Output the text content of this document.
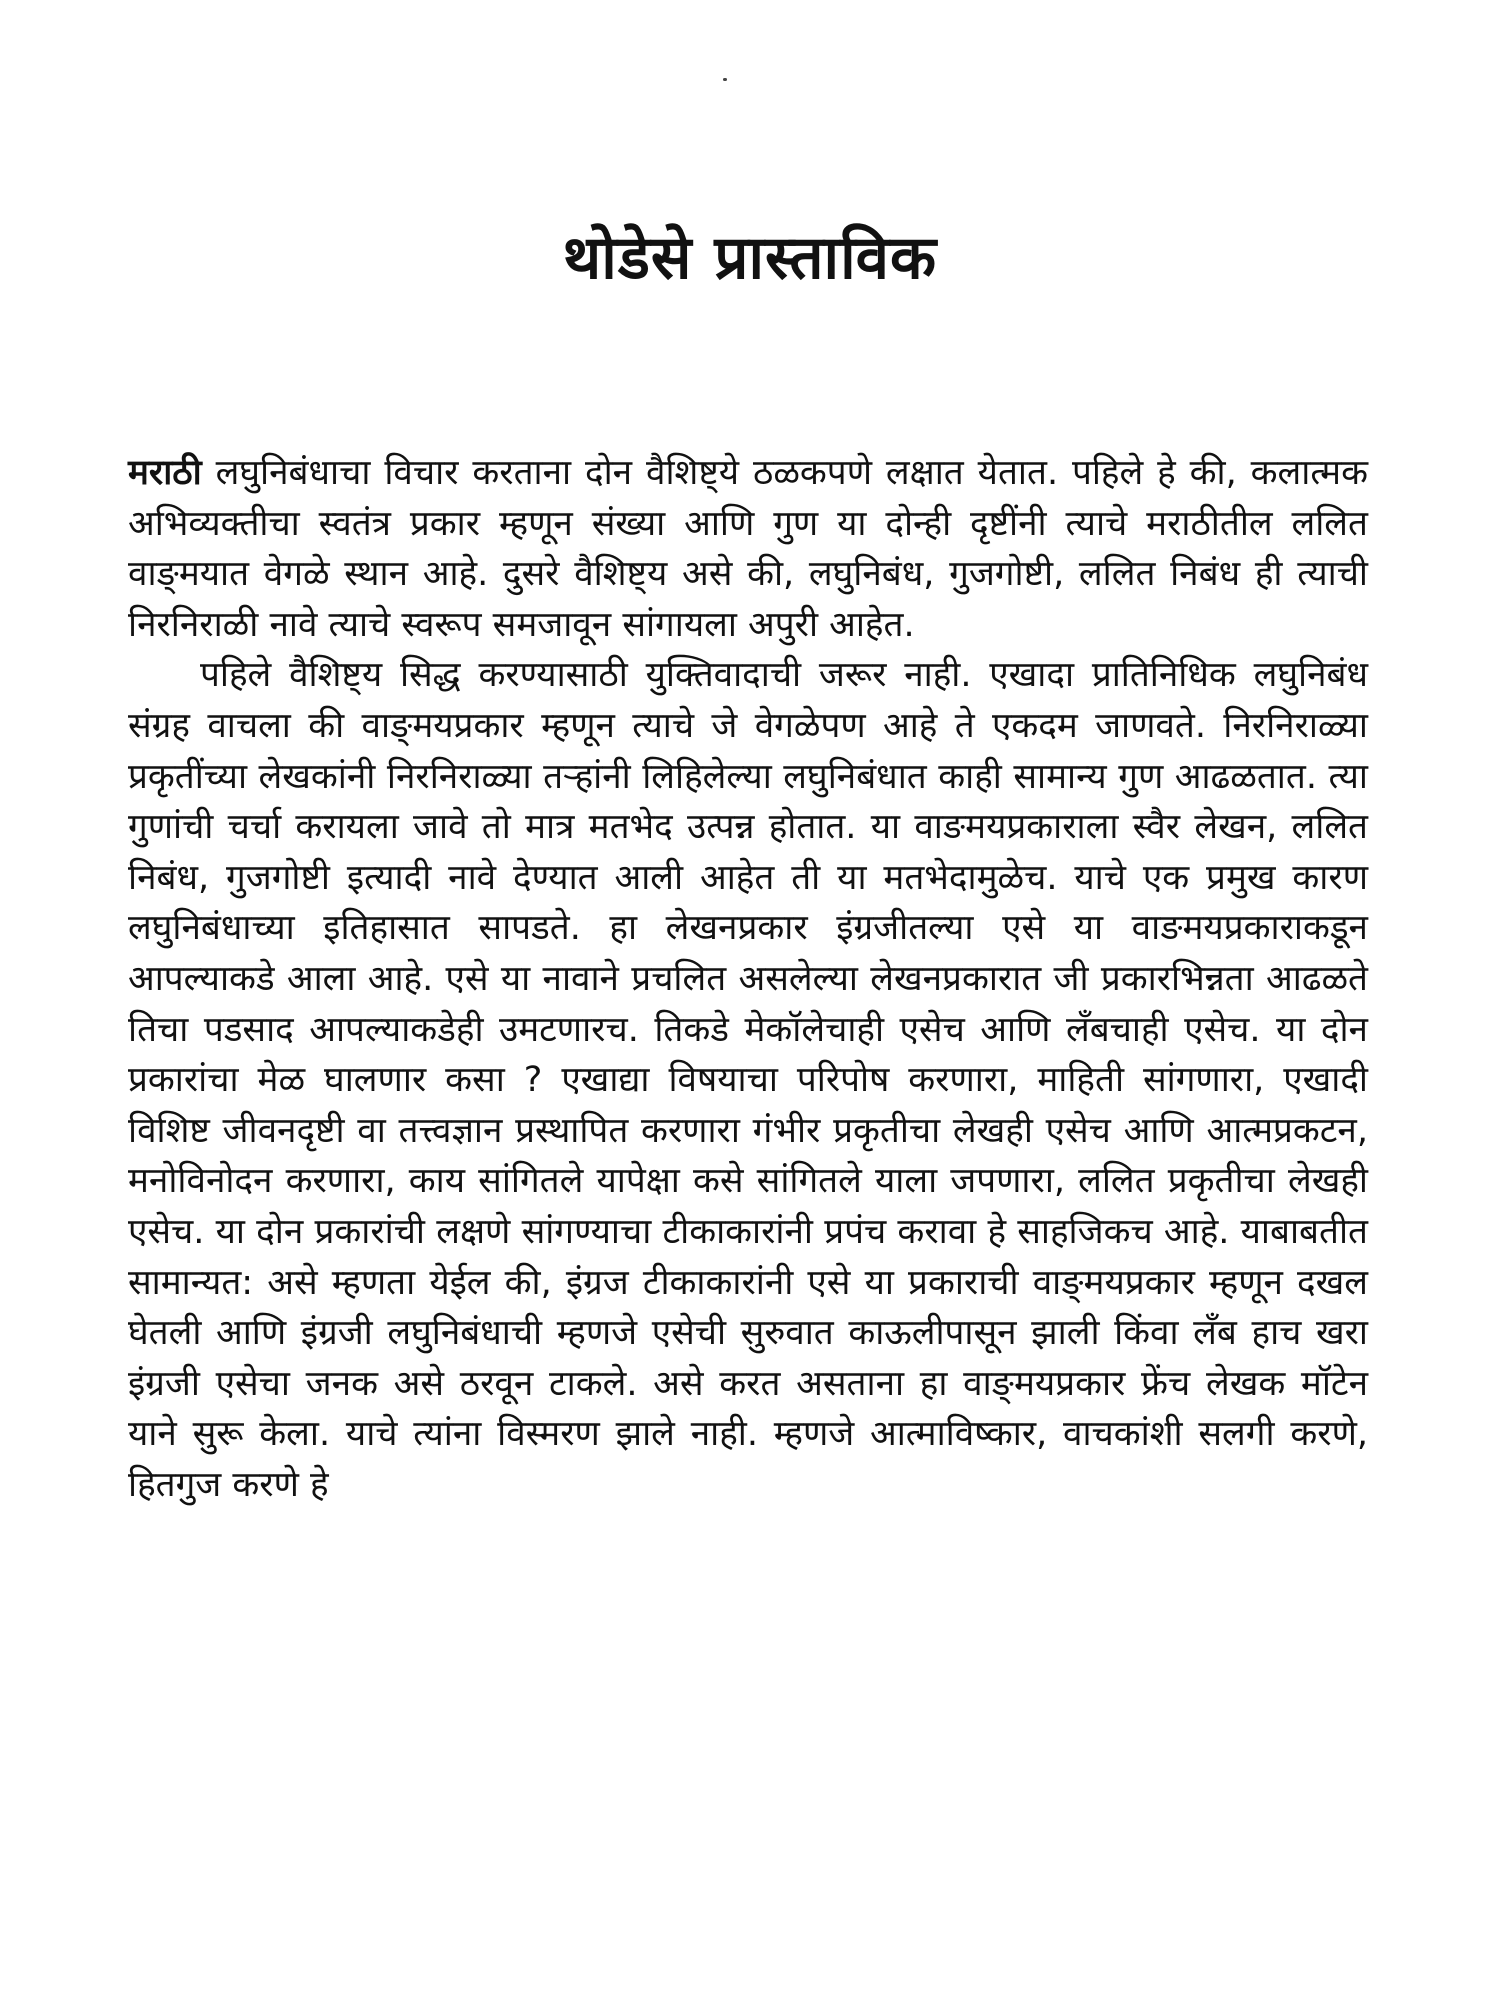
थोडेसे प्रास्ताविक

मराठी लघुनिबंधाचा विचार करताना दोन वैशिष्ट्ये ठळकपणे लक्षात येतात. पहिले हे की, कलात्मक अभिव्यक्तीचा स्वतंत्र प्रकार म्हणून संख्या आणि गुण या दोन्ही दृष्टींनी त्याचे मराठीतील ललित वाङ्‌मयात वेगळे स्थान आहे. दुसरे वैशिष्ट्य असे की, लघुनिबंध, गुजगोष्टी, ललित निबंध ही त्याची निरनिराळी नावे त्याचे स्वरूप समजावून सांगायला अपुरी आहेत.

पहिले वैशिष्ट्य सिद्ध करण्यासाठी युक्तिवादाची जरूर नाही. एखादा प्रातिनिधिक लघुनिबंध संग्रह वाचला की वाङ्‌मयप्रकार म्हणून त्याचे जे वेगळेपण आहे ते एकदम जाणवते. निरनिराळ्या प्रकृतींच्या लेखकांनी निरनिराळ्या तऱ्हांनी लिहिलेल्या लघुनिबंधात काही सामान्य गुण आढळतात. त्या गुणांची चर्चा करायला जावे तो मात्र मतभेद उत्पन्न होतात. या वाङमयप्रकाराला स्वैर लेखन, ललित निबंध, गुजगोष्टी इत्यादी नावे देण्यात आली आहेत ती या मतभेदामुळेच. याचे एक प्रमुख कारण लघुनिबंधाच्या इतिहासात सापडते. हा लेखनप्रकार इंग्रजीतल्या एसे या वाङमयप्रकाराकडून आपल्याकडे आला आहे. एसे या नावाने प्रचलित असलेल्या लेखनप्रकारात जी प्रकारभिन्नता आढळते तिचा पडसाद आपल्याकडेही उमटणारच. तिकडे मेकॉलेचाही एसेच आणि लँबचाही एसेच. या दोन प्रकारांचा मेळ घालणार कसा ? एखाद्या विषयाचा परिपोष करणारा, माहिती सांगणारा, एखादी विशिष्ट जीवनदृष्टी वा तत्त्वज्ञान प्रस्थापित करणारा गंभीर प्रकृतीचा लेखही एसेच आणि आत्मप्रकटन, मनोविनोदन करणारा, काय सांगितले यापेक्षा कसे सांगितले याला जपणारा, ललित प्रकृतीचा लेखही एसेच. या दोन प्रकारांची लक्षणे सांगण्याचा टीकाकारांनी प्रपंच करावा हे साहजिकच आहे. याबाबतीत सामान्यत: असे म्हणता येईल की, इंग्रज टीकाकारांनी एसे या प्रकाराची वाङ्‌मयप्रकार म्हणून दखल घेतली आणि इंग्रजी लघुनिबंधाची म्हणजे एसेची सुरुवात काऊलीपासून झाली किंवा लँब हाच खरा इंग्रजी एसेचा जनक असे ठरवून टाकले. असे करत असताना हा वाङ्‌मयप्रकार फ्रेंच लेखक मॉटेन याने सुरू केला. याचे त्यांना विस्मरण झाले नाही. म्हणजे आत्माविष्कार, वाचकांशी सलगी करणे, हितगुज करणे हे
